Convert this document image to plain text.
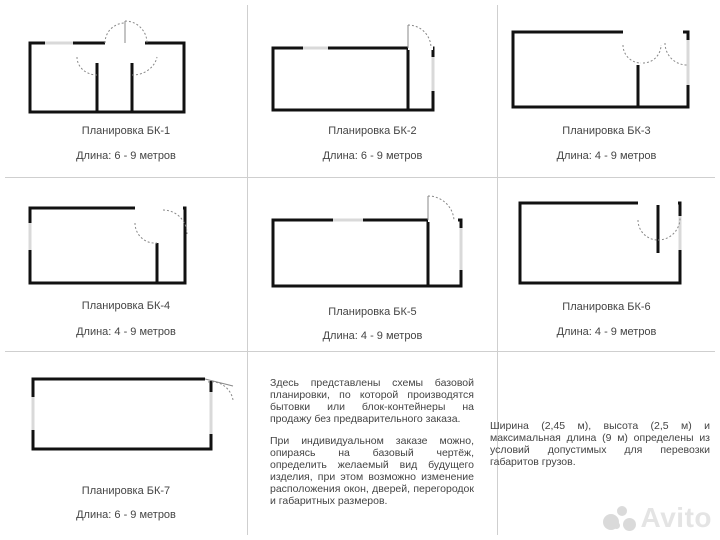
Планировка БК-1
Длина: 6 - 9 метров
Планировка БК-2
Длина: 6 - 9 метров
Планировка БК-3
Длина: 4 - 9 метров
Планировка БК-4
Длина: 4 - 9 метров
Планировка БК-5
Длина: 4 - 9 метров
Планировка БК-6
Длина: 4 - 9 метров
Планировка БК-7
Длина: 6 - 9 метров

Здесь представлены схемы базовой планировки, по которой производятся бытовки или блок-контейнеры на продажу без предварительного заказа.

При индивидуальном заказе можно, опираясь на базовый чертёж, определить желаемый вид будущего изделия, при этом возможно изменение расположения окон, дверей, перегородок и габаритных размеров.

Ширина (2,45 м), высота (2,5 м) и максимальная длина (9 м) определены из условий допустимых для перевозки габаритов грузов.

Avito
